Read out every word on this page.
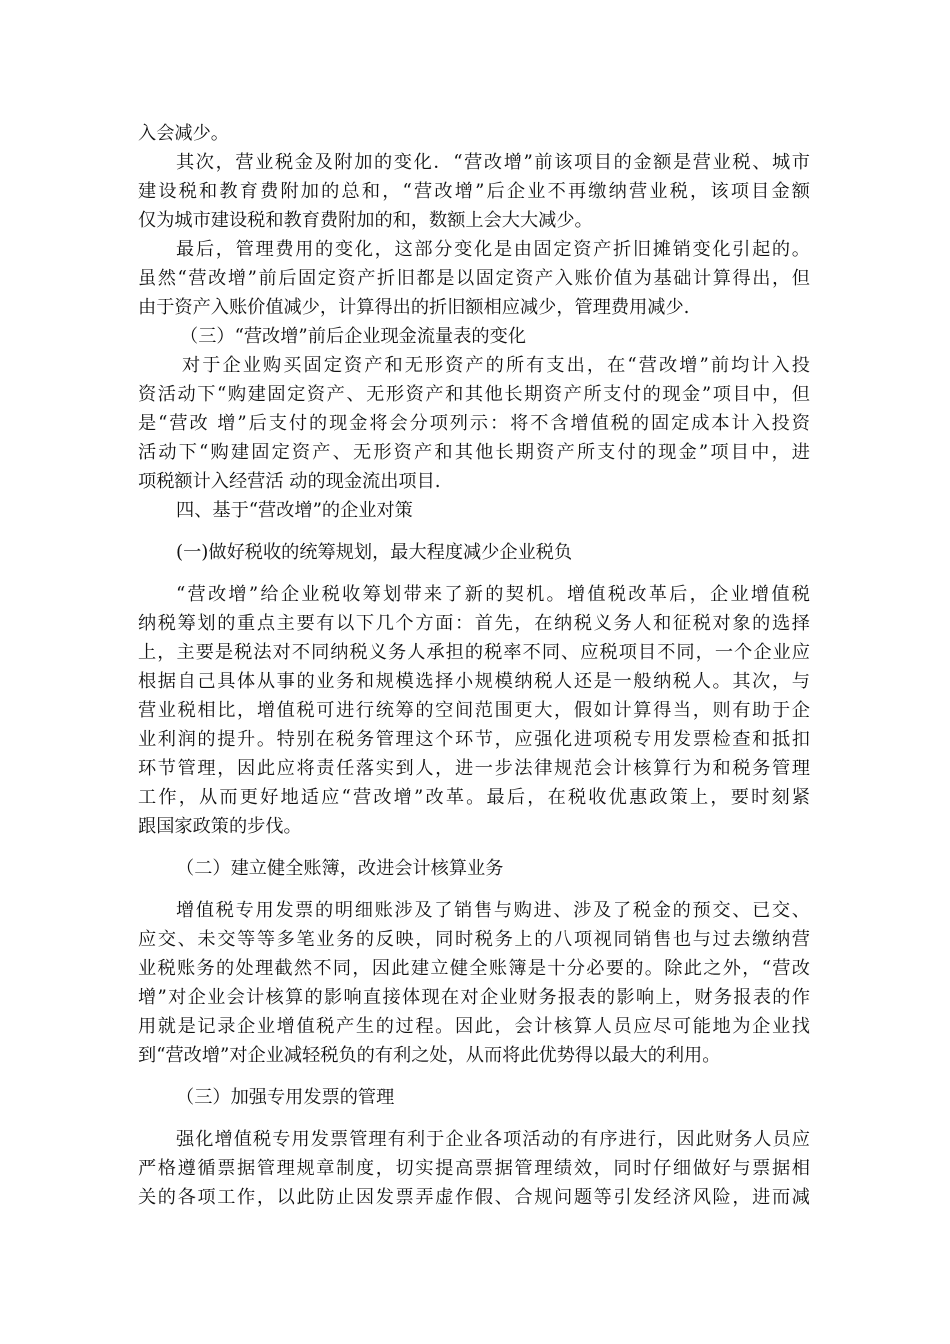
入会减少。
其次，营业税金及附加的变化．“营改增”前该项目的金额是营业税、城市
建设税和教育费附加的总和，“营改增”后企业不再缴纳营业税，该项目金额
仅为城市建设税和教育费附加的和，数额上会大大减少。
最后，管理费用的变化，这部分变化是由固定资产折旧摊销变化引起的。
虽然“营改增”前后固定资产折旧都是以固定资产入账价值为基础计算得出，但
由于资产入账价值减少，计算得出的折旧额相应减少，管理费用减少.
（三）“营改增”前后企业现金流量表的变化
对于企业购买固定资产和无形资产的所有支出，在“营改增”前均计入投
资活动下“购建固定资产、无形资产和其他长期资产所支付的现金”项目中，但
是“营改 增”后支付的现金将会分项列示：将不含增值税的固定成本计入投资
活动下“购建固定资产、无形资产和其他长期资产所支付的现金”项目中，进
项税额计入经营活 动的现金流出项目.
四、基于“营改增”的企业对策
(一)做好税收的统筹规划，最大程度减少企业税负
“营改增”给企业税收筹划带来了新的契机。增值税改革后，企业增值税
纳税筹划的重点主要有以下几个方面：首先，在纳税义务人和征税对象的选择
上，主要是税法对不同纳税义务人承担的税率不同、应税项目不同，一个企业应
根据自己具体从事的业务和规模选择小规模纳税人还是一般纳税人。其次，与
营业税相比，增值税可进行统筹的空间范围更大，假如计算得当，则有助于企
业利润的提升。特别在税务管理这个环节，应强化进项税专用发票检查和抵扣
环节管理，因此应将责任落实到人，进一步法律规范会计核算行为和税务管理
工作，从而更好地适应“营改增”改革。最后，在税收优惠政策上，要时刻紧
跟国家政策的步伐。
（二）建立健全账簿，改进会计核算业务
增值税专用发票的明细账涉及了销售与购进、涉及了税金的预交、已交、
应交、未交等等多笔业务的反映，同时税务上的八项视同销售也与过去缴纳营
业税账务的处理截然不同，因此建立健全账簿是十分必要的。除此之外，“营改
增”对企业会计核算的影响直接体现在对企业财务报表的影响上，财务报表的作
用就是记录企业增值税产生的过程。因此，会计核算人员应尽可能地为企业找
到“营改增”对企业减轻税负的有利之处，从而将此优势得以最大的利用。
（三）加强专用发票的管理
强化增值税专用发票管理有利于企业各项活动的有序进行，因此财务人员应
严格遵循票据管理规章制度，切实提高票据管理绩效，同时仔细做好与票据相
关的各项工作，以此防止因发票弄虚作假、合规问题等引发经济风险，进而减
